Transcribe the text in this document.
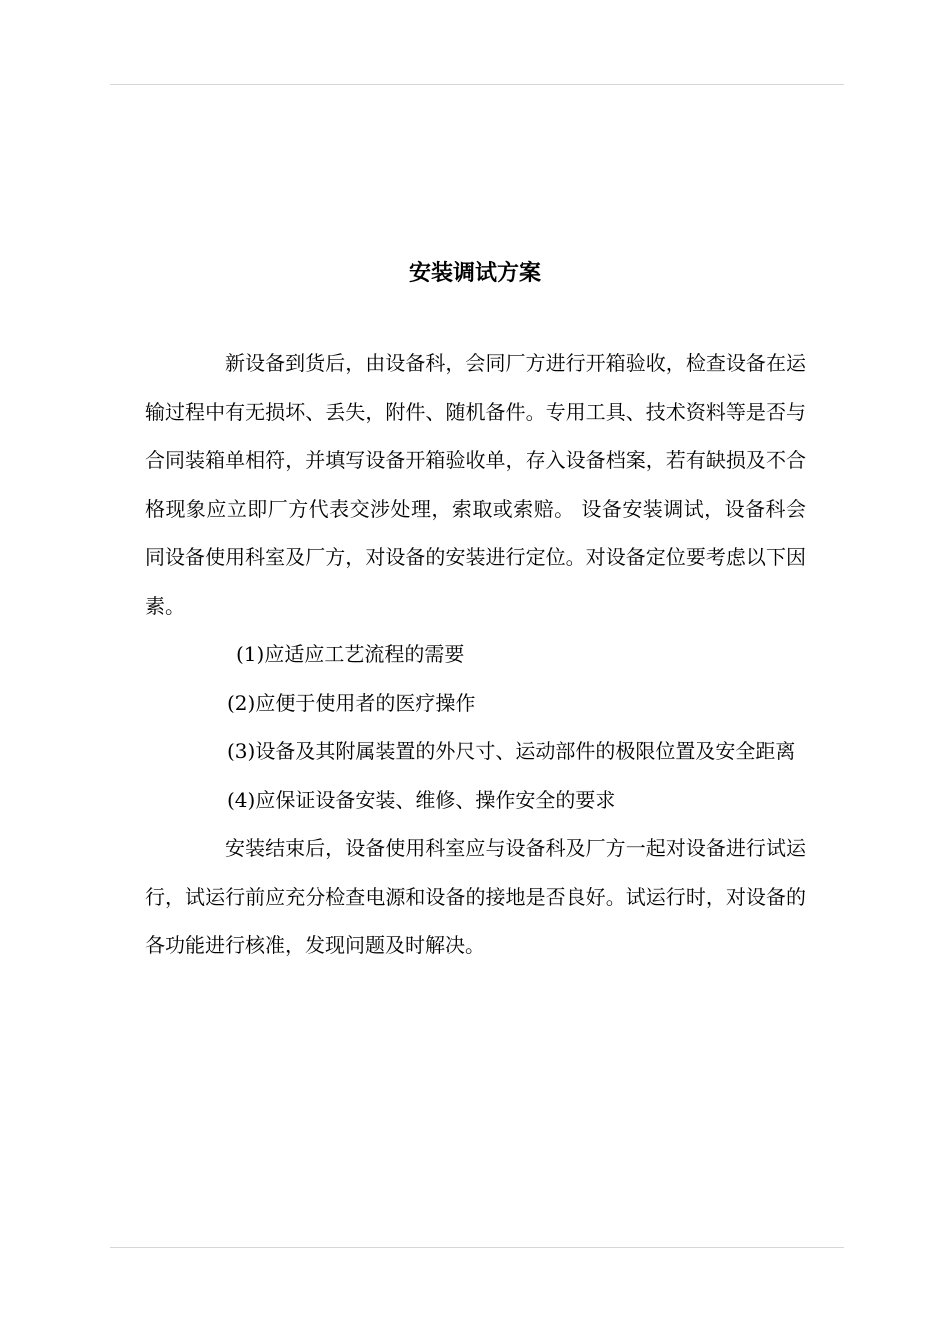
安装调试方案

新设备到货后，由设备科，会同厂方进行开箱验收，检查设备在运输过程中有无损坏、丢失，附件、随机备件。专用工具、技术资料等是否与合同装箱单相符，并填写设备开箱验收单，存入设备档案，若有缺损及不合格现象应立即厂方代表交涉处理，索取或索赔。 设备安装调试，设备科会同设备使用科室及厂方，对设备的安装进行定位。对设备定位要考虑以下因素。

(1)应适应工艺流程的需要

(2)应便于使用者的医疗操作

(3)设备及其附属装置的外尺寸、运动部件的极限位置及安全距离

(4)应保证设备安装、维修、操作安全的要求

安装结束后，设备使用科室应与设备科及厂方一起对设备进行试运行，试运行前应充分检查电源和设备的接地是否良好。试运行时，对设备的各功能进行核准，发现问题及时解决。
